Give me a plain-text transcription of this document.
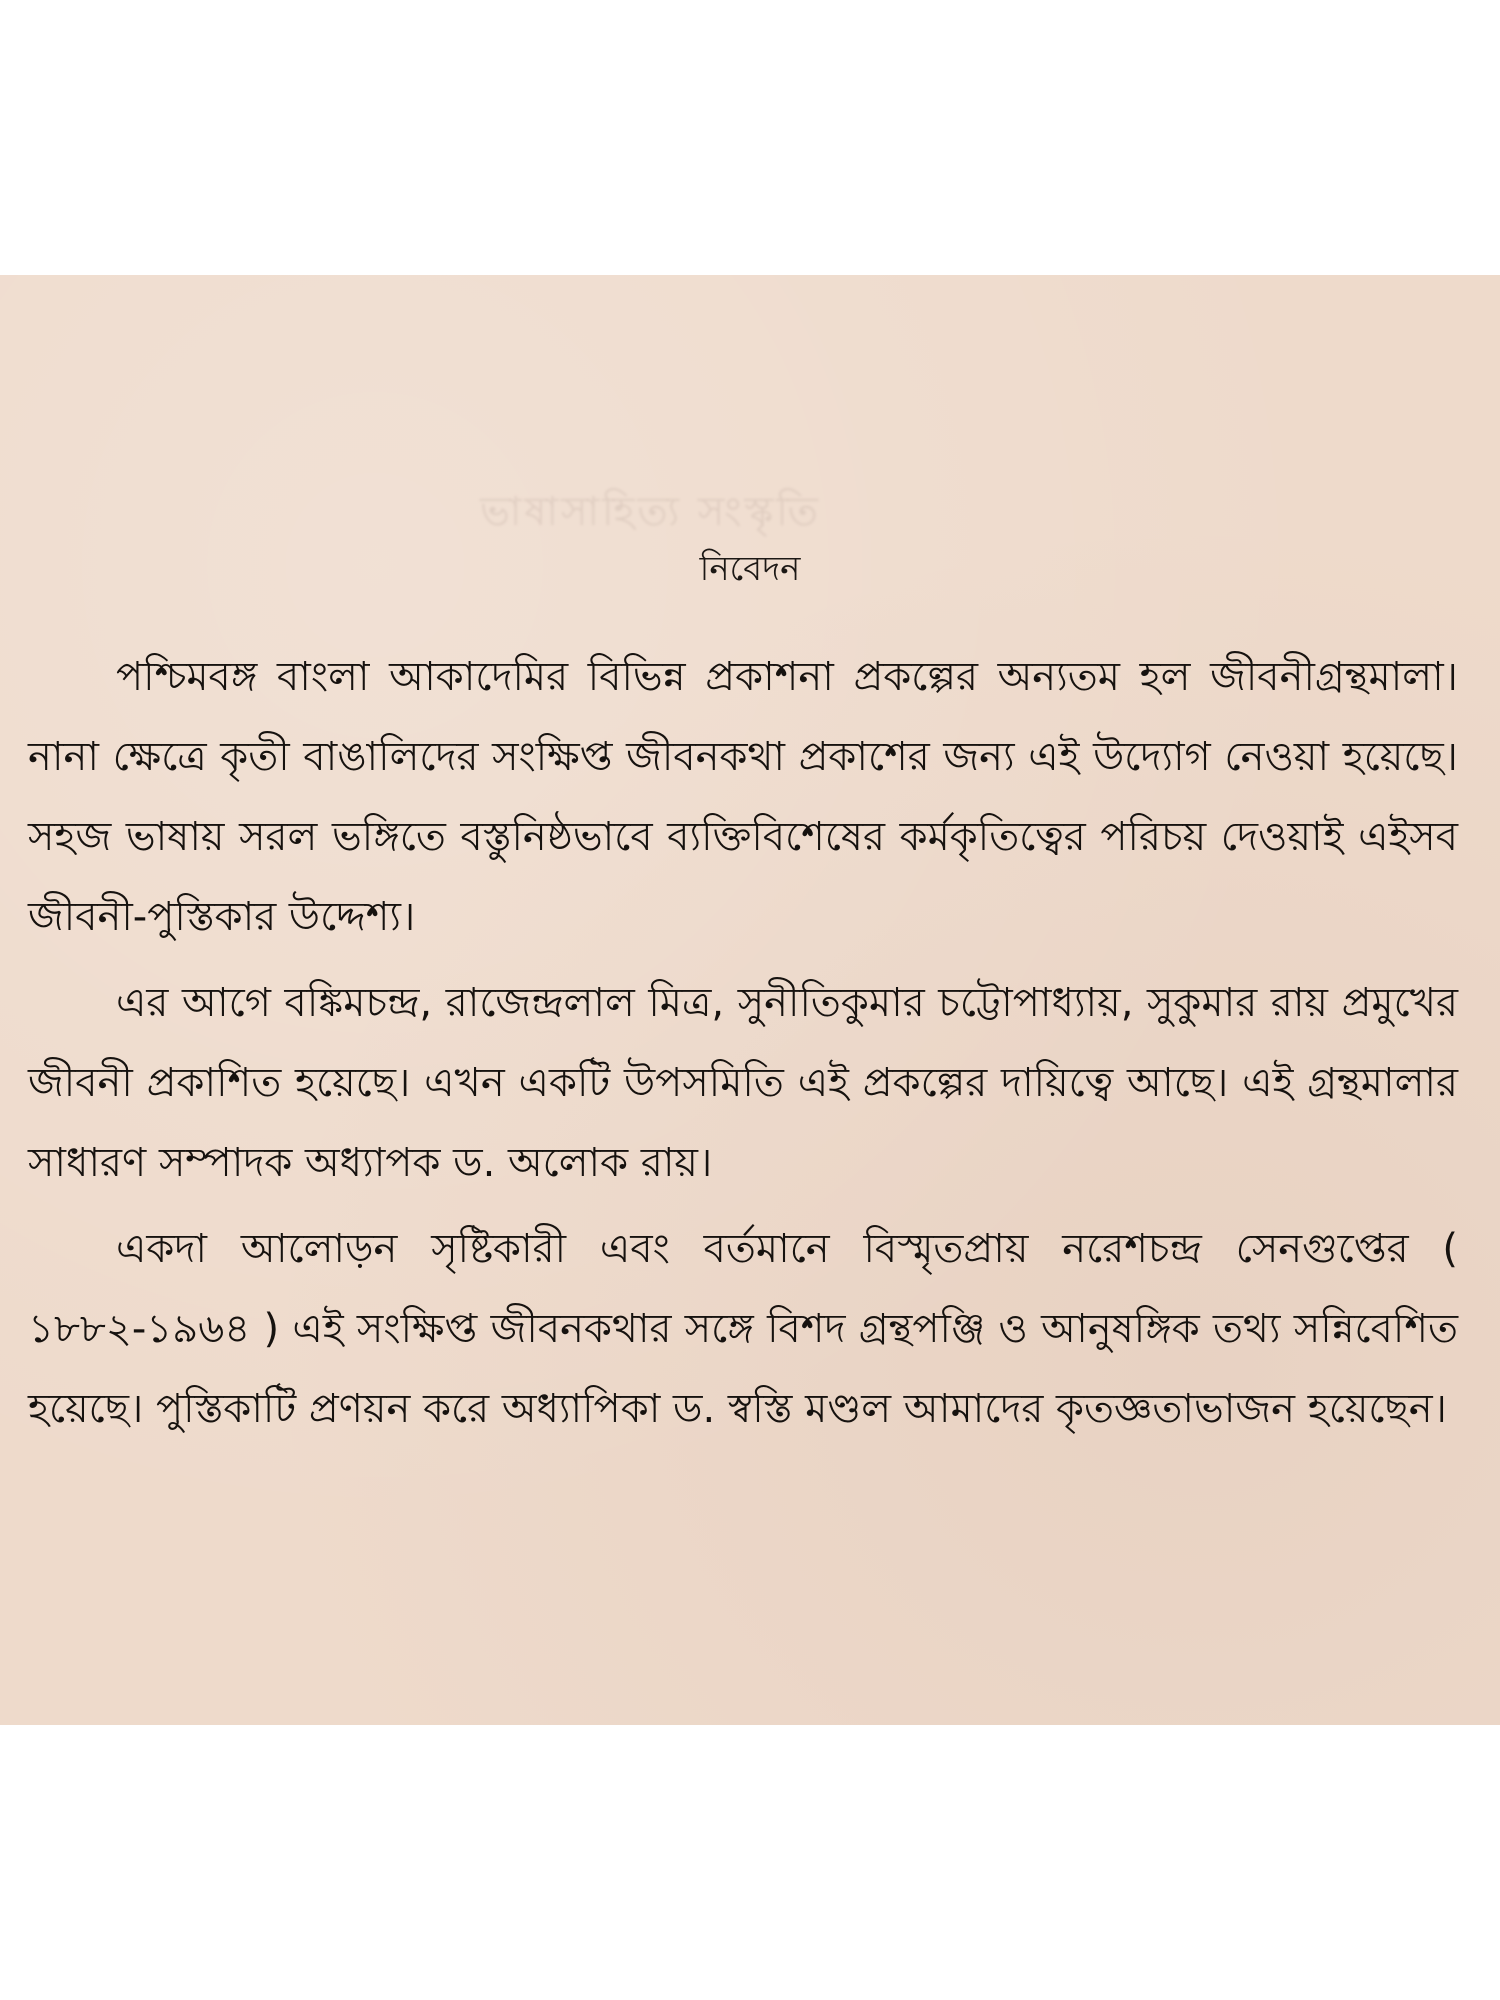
ভাষাসাহিত্য সংস্কৃতি
নিবেদন

পশ্চিমবঙ্গ বাংলা আকাদেমির বিভিন্ন প্রকাশনা প্রকল্পের অন্যতম হল জীবনীগ্রন্থমালা। নানা ক্ষেত্রে কৃতী বাঙালিদের সংক্ষিপ্ত জীবনকথা প্রকাশের জন্য এই উদ্যোগ নেওয়া হয়েছে। সহজ ভাষায় সরল ভঙ্গিতে বস্তুনিষ্ঠভাবে ব্যক্তিবিশেষের কর্মকৃতিত্বের পরিচয় দেওয়াই এইসব জীবনী-পুস্তিকার উদ্দেশ্য।

এর আগে বঙ্কিমচন্দ্র, রাজেন্দ্রলাল মিত্র, সুনীতিকুমার চট্টোপাধ্যায়, সুকুমার রায় প্রমুখের জীবনী প্রকাশিত হয়েছে। এখন একটি উপসমিতি এই প্রকল্পের দায়িত্বে আছে। এই গ্রন্থমালার সাধারণ সম্পাদক অধ্যাপক ড. অলোক রায়।

একদা আলোড়ন সৃষ্টিকারী এবং বর্তমানে বিস্মৃতপ্রায় নরেশচন্দ্র সেনগুপ্তের ( ১৮৮২-১৯৬৪ ) এই সংক্ষিপ্ত জীবনকথার সঙ্গে বিশদ গ্রন্থপঞ্জি ও আনুষঙ্গিক তথ্য সন্নিবেশিত হয়েছে। পুস্তিকাটি প্রণয়ন করে অধ্যাপিকা ড. স্বস্তি মণ্ডল আমাদের কৃতজ্ঞতাভাজন হয়েছেন।
